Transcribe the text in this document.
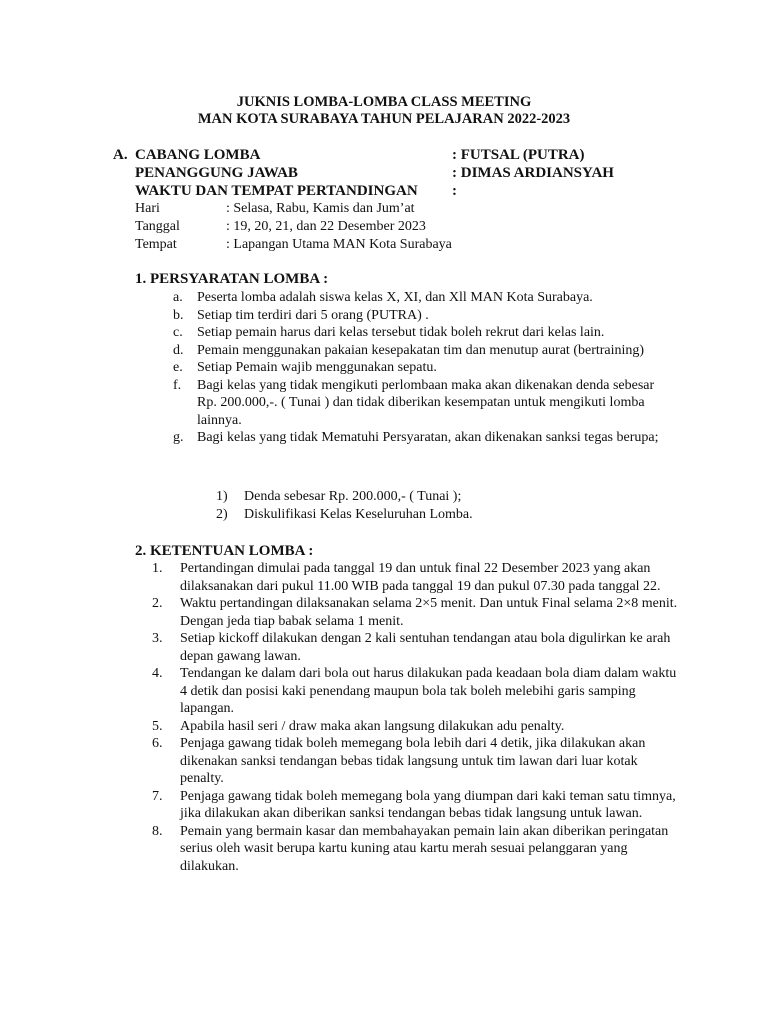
JUKNIS LOMBA-LOMBA CLASS MEETING
MAN KOTA SURABAYA TAHUN PELAJARAN 2022-2023
A. CABANG LOMBA	: FUTSAL (PUTRA)
PENANGGUNG JAWAB	: DIMAS ARDIANSYAH
WAKTU DAN TEMPAT PERTANDINGAN :
Hari	: Selasa, Rabu, Kamis dan Jum’at
Tanggal	: 19, 20, 21, dan 22 Desember 2023
Tempat	: Lapangan Utama MAN Kota Surabaya
1. PERSYARATAN LOMBA :
a. Peserta lomba adalah siswa kelas X, XI, dan Xll MAN Kota Surabaya.
b. Setiap tim terdiri dari 5 orang (PUTRA) .
c. Setiap pemain harus dari kelas tersebut tidak boleh rekrut dari kelas lain.
d. Pemain menggunakan pakaian kesepakatan tim dan menutup aurat (bertraining)
e. Setiap Pemain wajib menggunakan sepatu.
f. Bagi kelas yang tidak mengikuti perlombaan maka akan dikenakan denda sebesar Rp. 200.000,-. ( Tunai ) dan tidak diberikan kesempatan untuk mengikuti lomba lainnya.
g. Bagi kelas yang tidak Mematuhi Persyaratan, akan dikenakan sanksi tegas berupa;
1) Denda sebesar Rp. 200.000,- ( Tunai );
2) Diskulifikasi Kelas Keseluruhan Lomba.
2. KETENTUAN LOMBA :
1. Pertandingan dimulai pada tanggal 19 dan untuk final 22 Desember 2023 yang akan dilaksanakan dari pukul 11.00 WIB pada tanggal 19 dan pukul 07.30 pada tanggal 22.
2. Waktu pertandingan dilaksanakan selama 2×5 menit. Dan untuk Final selama 2×8 menit. Dengan jeda tiap babak selama 1 menit.
3. Setiap kickoff dilakukan dengan 2 kali sentuhan tendangan atau bola digulirkan ke arah depan gawang lawan.
4. Tendangan ke dalam dari bola out harus dilakukan pada keadaan bola diam dalam waktu 4 detik dan posisi kaki penendang maupun bola tak boleh melebihi garis samping lapangan.
5. Apabila hasil seri / draw maka akan langsung dilakukan adu penalty.
6. Penjaga gawang tidak boleh memegang bola lebih dari 4 detik, jika dilakukan akan dikenakan sanksi tendangan bebas tidak langsung untuk tim lawan dari luar kotak penalty.
7. Penjaga gawang tidak boleh memegang bola yang diumpan dari kaki teman satu timnya, jika dilakukan akan diberikan sanksi tendangan bebas tidak langsung untuk lawan.
8. Pemain yang bermain kasar dan membahayakan pemain lain akan diberikan peringatan serius oleh wasit berupa kartu kuning atau kartu merah sesuai pelanggaran yang dilakukan.
